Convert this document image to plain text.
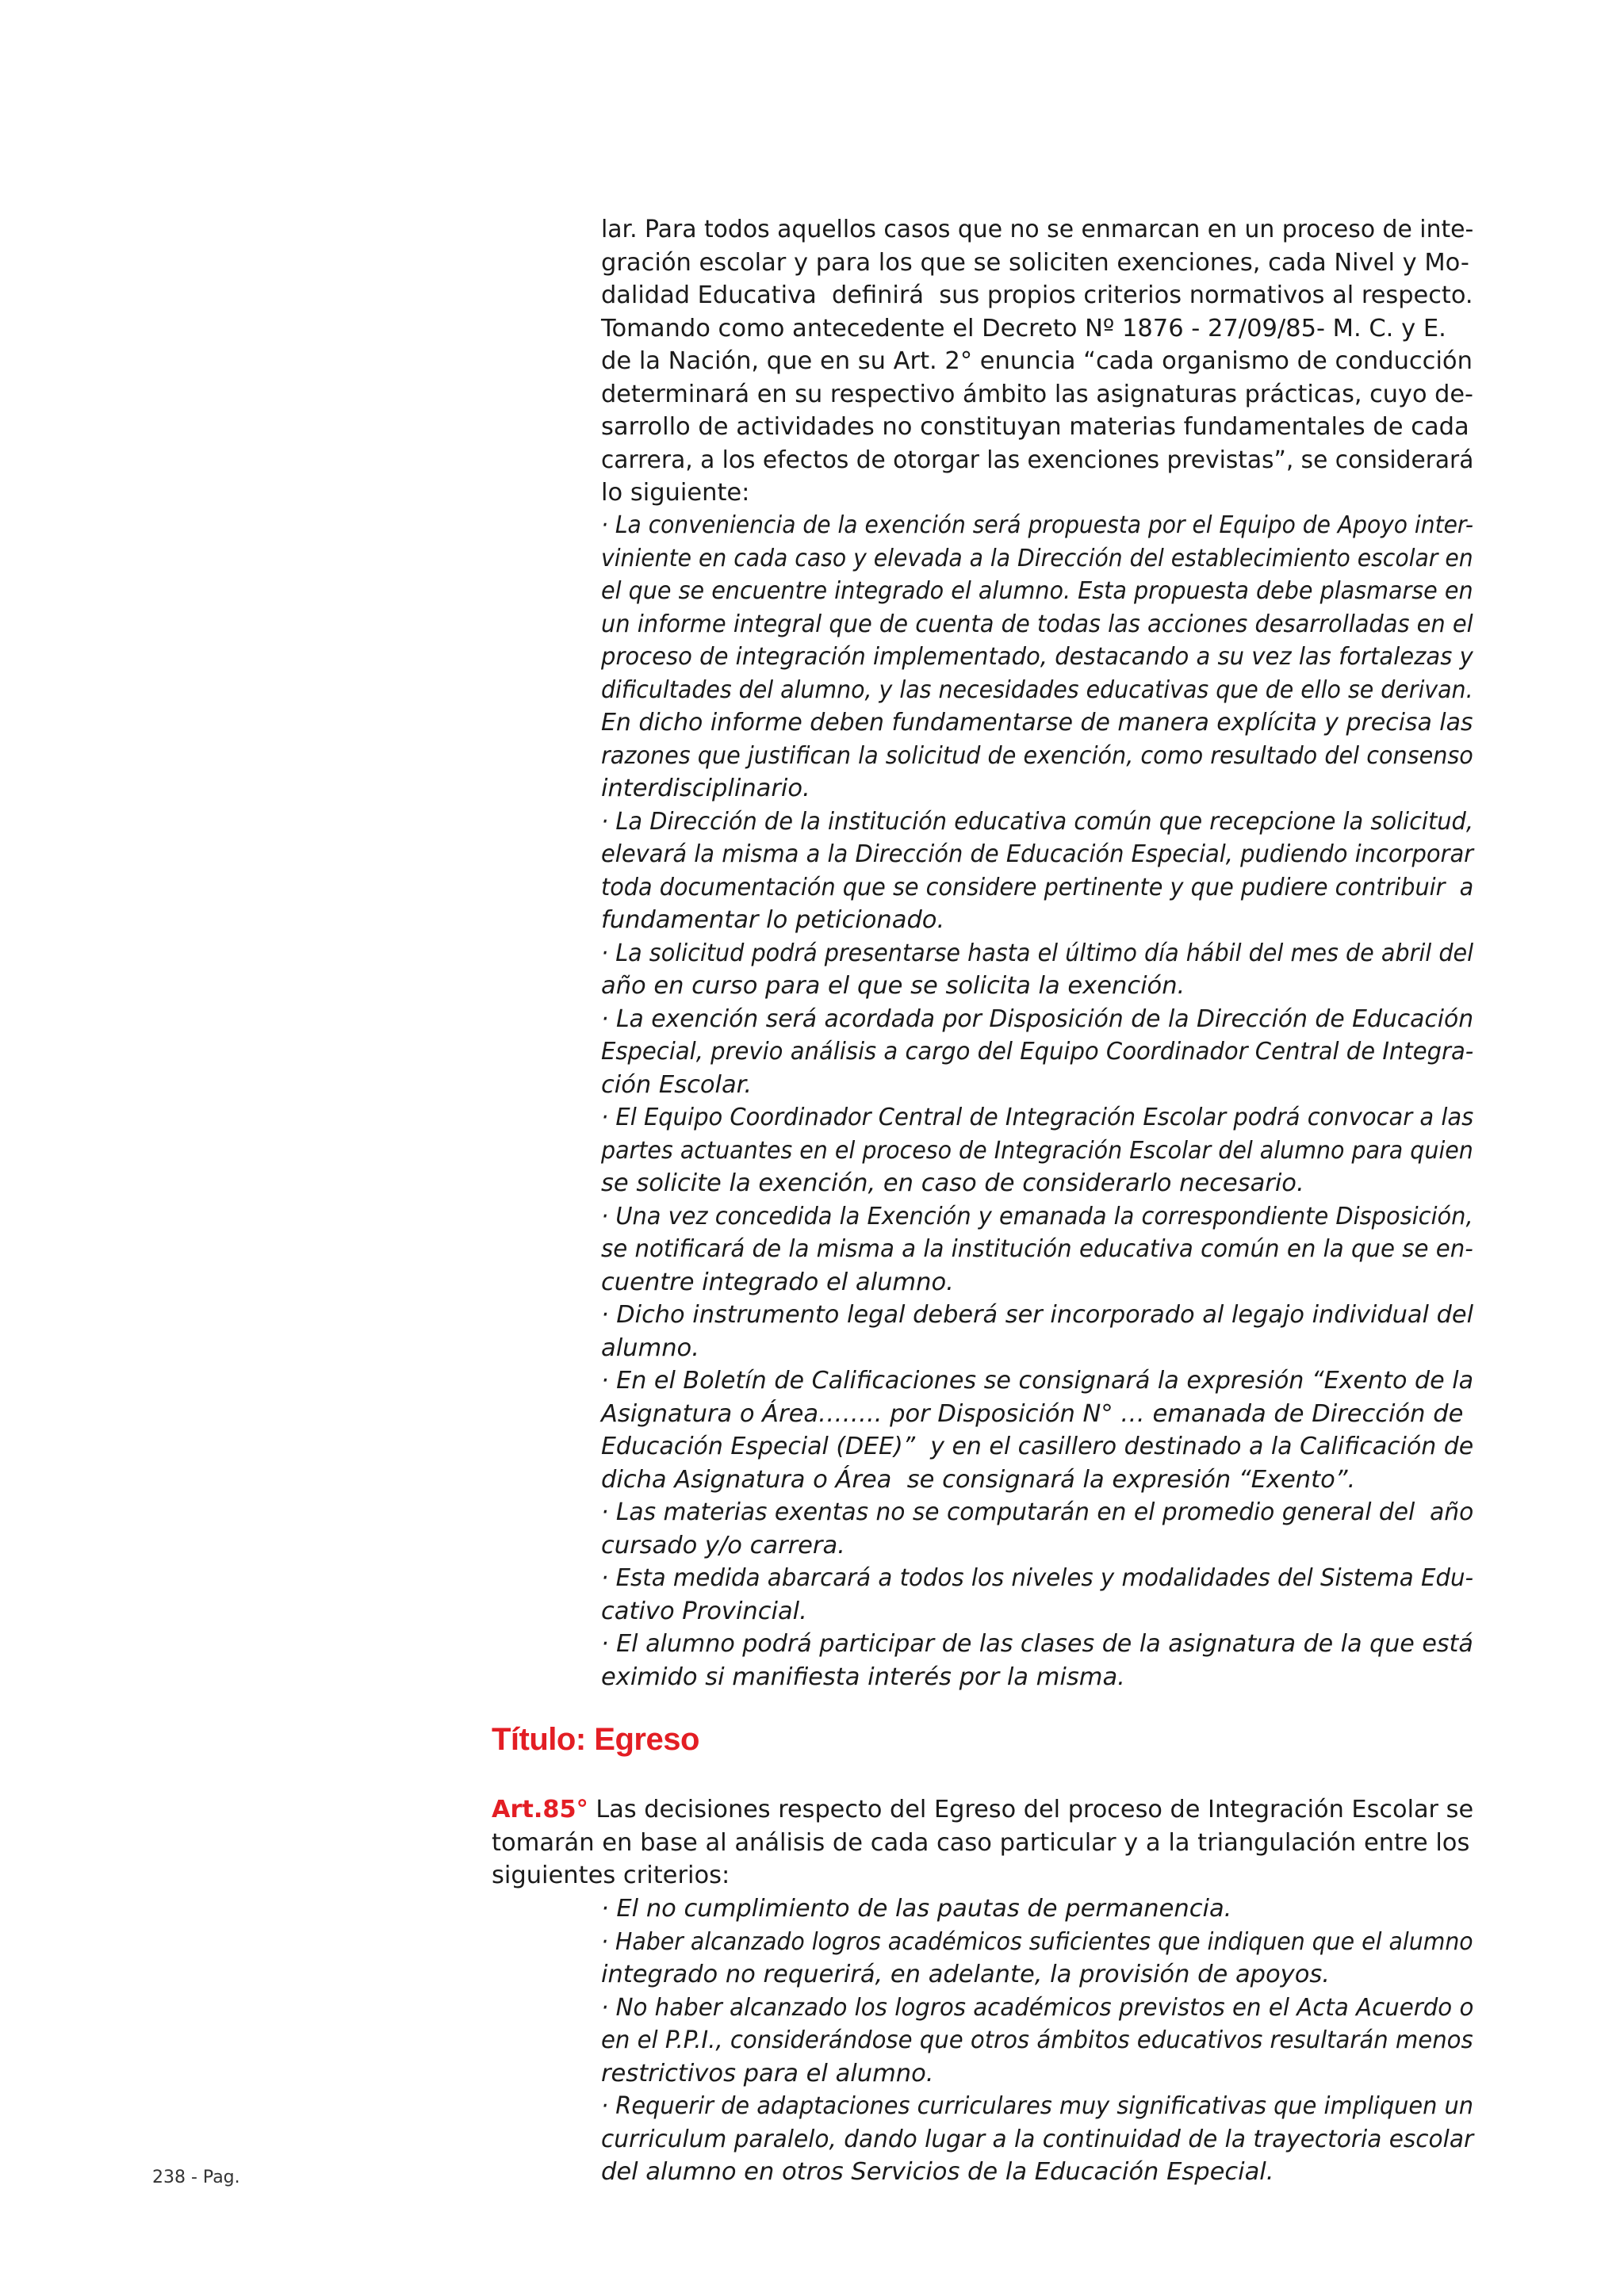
lar. Para todos aquellos casos que no se enmarcan en un proceso de inte-
gración escolar y para los que se soliciten exenciones, cada Nivel y Mo-
dalidad Educativa  definirá  sus propios criterios normativos al respecto.
Tomando como antecedente el Decreto Nº 1876 - 27/09/85- M. C. y E.
de la Nación, que en su Art. 2° enuncia “cada organismo de conducción
determinará en su respectivo ámbito las asignaturas prácticas, cuyo de-
sarrollo de actividades no constituyan materias fundamentales de cada
carrera, a los efectos de otorgar las exenciones previstas”, se considerará
lo siguiente:
· La conveniencia de la exención será propuesta por el Equipo de Apoyo inter-
viniente en cada caso y elevada a la Dirección del establecimiento escolar en
el que se encuentre integrado el alumno. Esta propuesta debe plasmarse en
un informe integral que de cuenta de todas las acciones desarrolladas en el
proceso de integración implementado, destacando a su vez las fortalezas y
dificultades del alumno, y las necesidades educativas que de ello se derivan.
En dicho informe deben fundamentarse de manera explícita y precisa las
razones que justifican la solicitud de exención, como resultado del consenso
interdisciplinario.
· La Dirección de la institución educativa común que recepcione la solicitud,
elevará la misma a la Dirección de Educación Especial, pudiendo incorporar
toda documentación que se considere pertinente y que pudiere contribuir  a
fundamentar lo peticionado.
· La solicitud podrá presentarse hasta el último día hábil del mes de abril del
año en curso para el que se solicita la exención.
· La exención será acordada por Disposición de la Dirección de Educación
Especial, previo análisis a cargo del Equipo Coordinador Central de Integra-
ción Escolar.
· El Equipo Coordinador Central de Integración Escolar podrá convocar a las
partes actuantes en el proceso de Integración Escolar del alumno para quien
se solicite la exención, en caso de considerarlo necesario.
· Una vez concedida la Exención y emanada la correspondiente Disposición,
se notificará de la misma a la institución educativa común en la que se en-
cuentre integrado el alumno.
· Dicho instrumento legal deberá ser incorporado al legajo individual del
alumno.
· En el Boletín de Calificaciones se consignará la expresión “Exento de la
Asignatura o Área…….. por Disposición N° … emanada de Dirección de
Educación Especial (DEE)”  y en el casillero destinado a la Calificación de
dicha Asignatura o Área  se consignará la expresión “Exento”.
· Las materias exentas no se computarán en el promedio general del  año
cursado y/o carrera.
· Esta medida abarcará a todos los niveles y modalidades del Sistema Edu-
cativo Provincial.
· El alumno podrá participar de las clases de la asignatura de la que está
eximido si manifiesta interés por la misma.
Título: Egreso
Art.85° Las decisiones respecto del Egreso del proceso de Integración Escolar se
tomarán en base al análisis de cada caso particular y a la triangulación entre los
siguientes criterios:
· El no cumplimiento de las pautas de permanencia.
· Haber alcanzado logros académicos suficientes que indiquen que el alumno
integrado no requerirá, en adelante, la provisión de apoyos.
· No haber alcanzado los logros académicos previstos en el Acta Acuerdo o
en el P.P.I., considerándose que otros ámbitos educativos resultarán menos
restrictivos para el alumno.
· Requerir de adaptaciones curriculares muy significativas que impliquen un
curriculum paralelo, dando lugar a la continuidad de la trayectoria escolar
del alumno en otros Servicios de la Educación Especial.

238 - Pag.
